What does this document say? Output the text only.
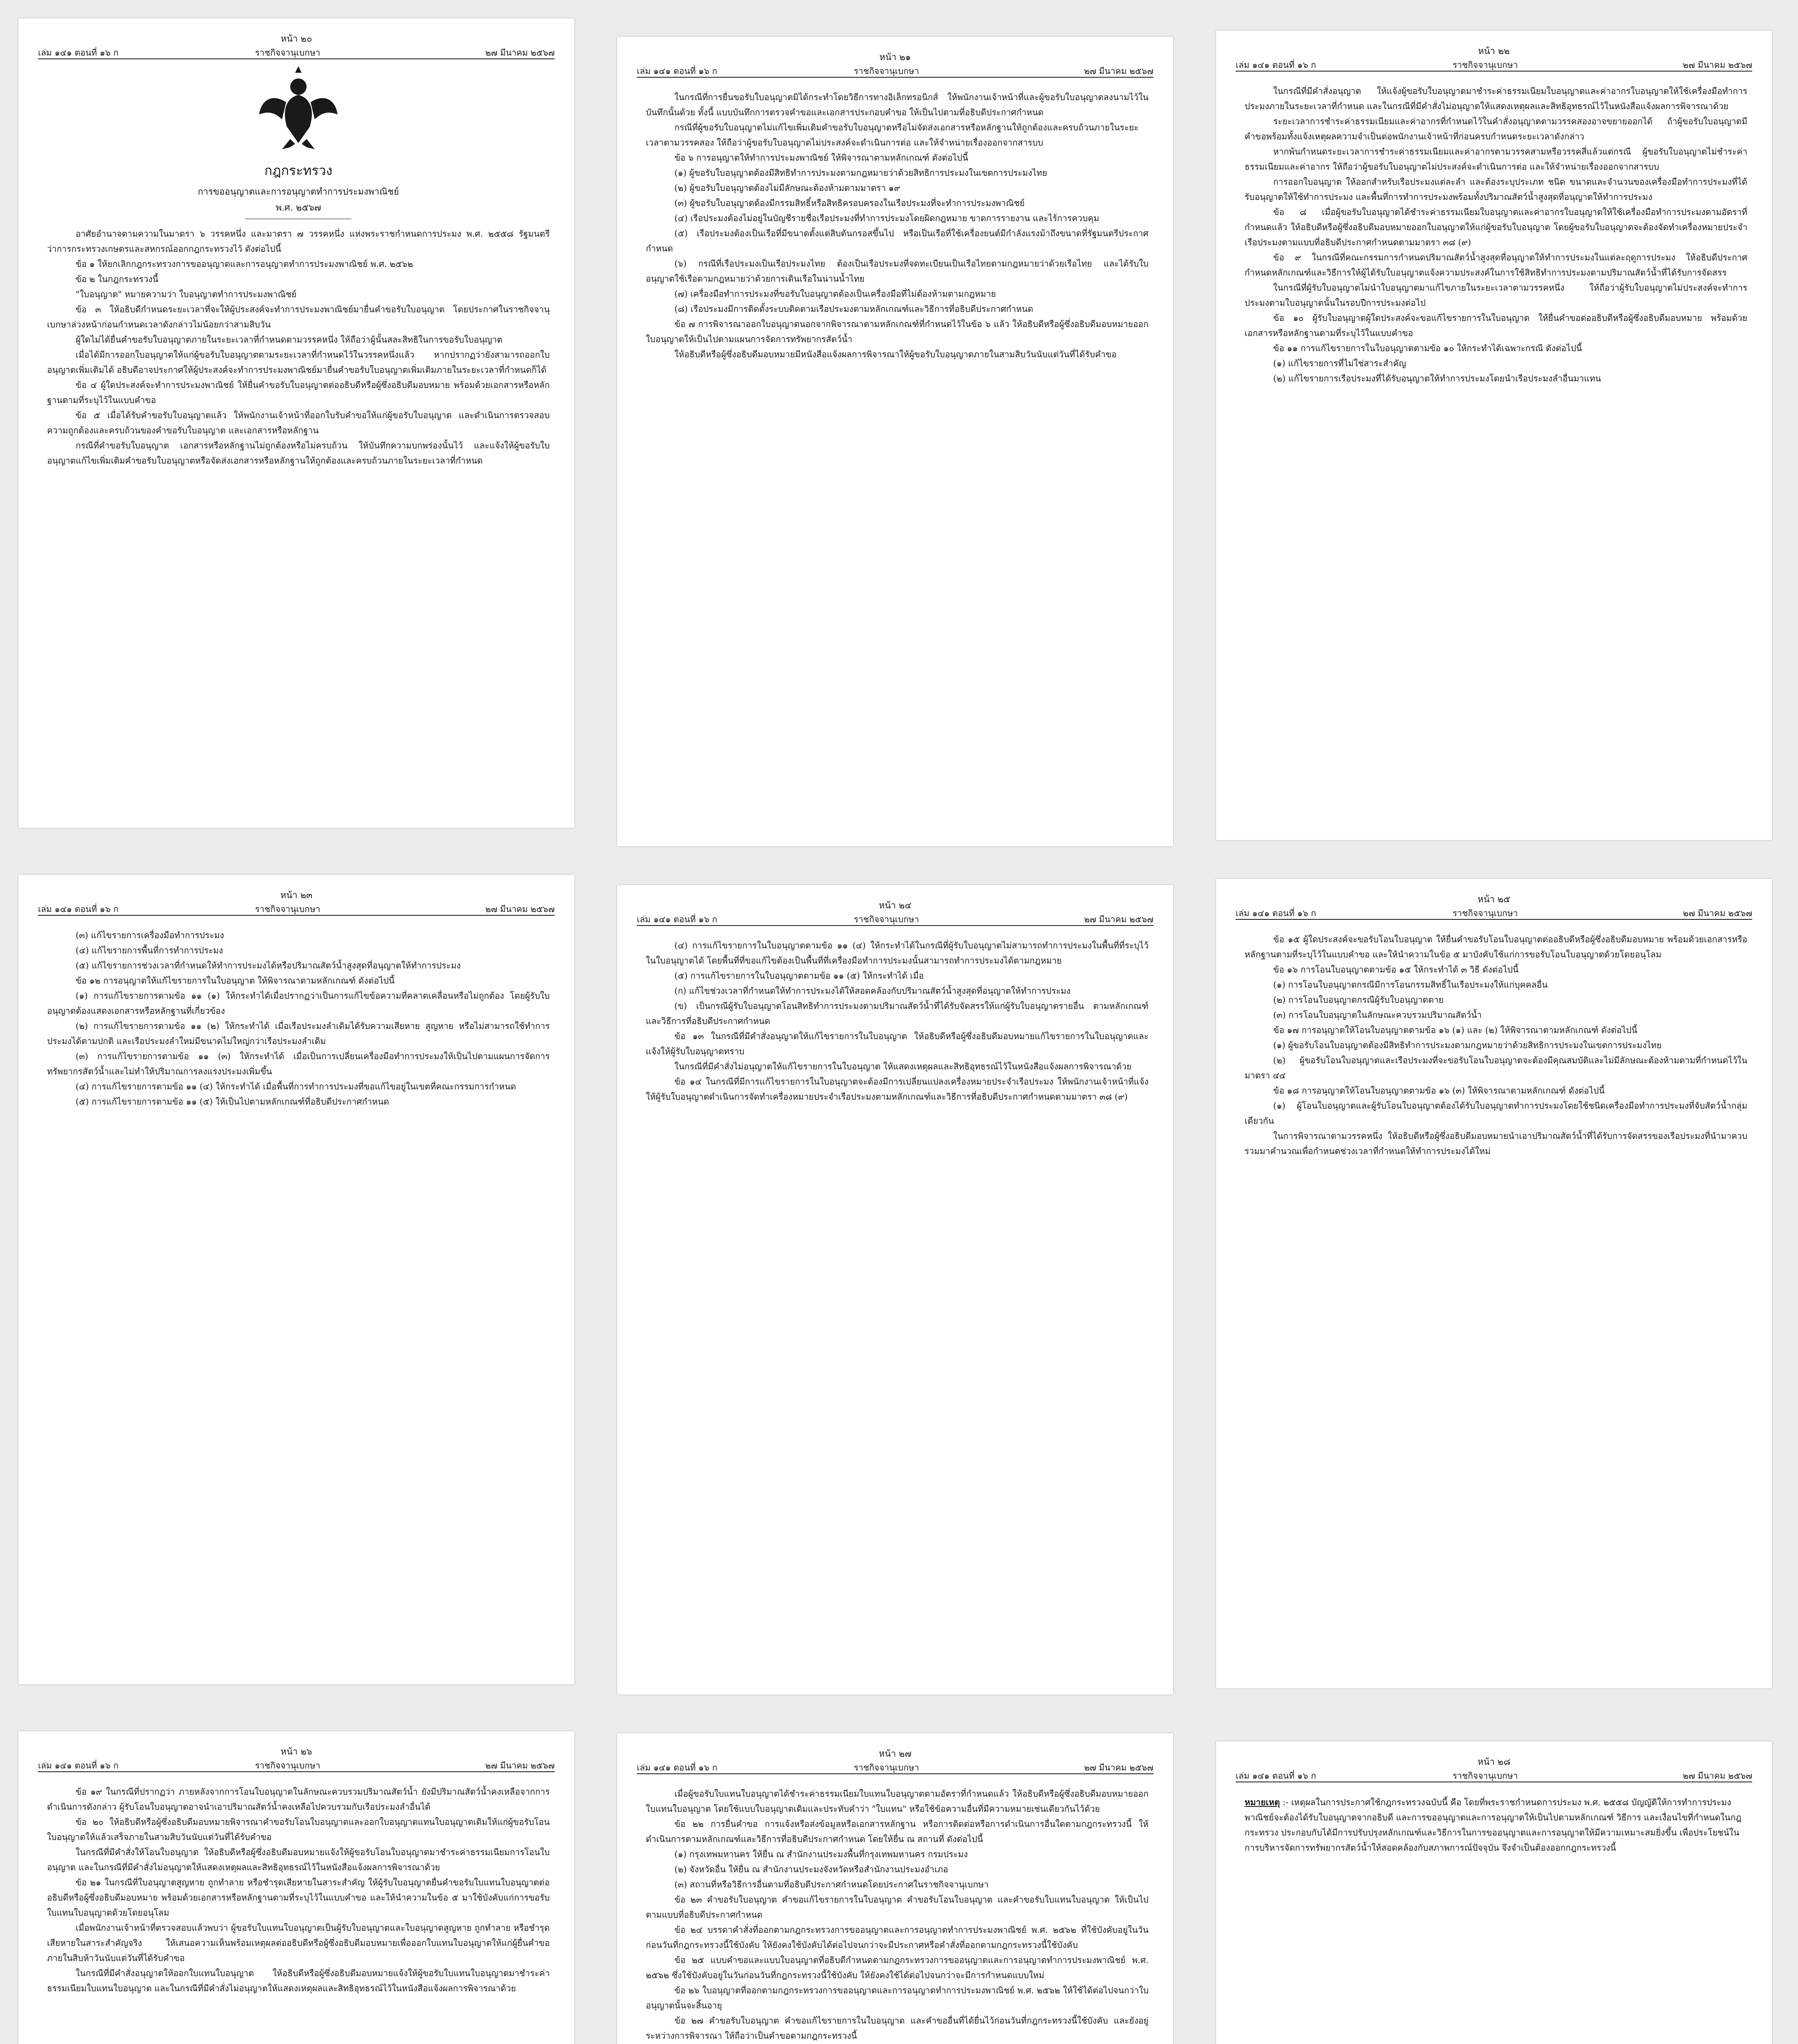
หน้า ๒๐
เล่ม ๑๔๑ ตอนที่ ๑๖ ก	ราชกิจจานุเบกษา	๒๗ มีนาคม ๒๕๖๗
กฎกระทรวง
การขออนุญาตและการอนุญาตทำการประมงพาณิชย์
พ.ศ. ๒๕๖๗

อาศัยอำนาจตามความในมาตรา ๖ วรรคหนึ่ง และมาตรา ๗ วรรคหนึ่ง แห่งพระราชกำหนดการประมง พ.ศ. ๒๕๕๘ รัฐมนตรีว่าการกระทรวงเกษตรและสหกรณ์ออกกฎกระทรวงไว้ ดังต่อไปนี้

ข้อ ๑ ให้ยกเลิกกฎกระทรวงการขออนุญาตและการอนุญาตทำการประมงพาณิชย์ พ.ศ. ๒๕๖๒

ข้อ ๒ ในกฎกระทรวงนี้

"ใบอนุญาต" หมายความว่า ใบอนุญาตทำการประมงพาณิชย์

ข้อ ๓ ให้อธิบดีกำหนดระยะเวลาที่จะให้ผู้ประสงค์จะทำการประมงพาณิชย์มายื่นคำขอรับใบอนุญาต โดยประกาศในราชกิจจานุเบกษาล่วงหน้าก่อนกำหนดเวลาดังกล่าวไม่น้อยกว่าสามสิบวัน

ผู้ใดไม่ได้ยื่นคำขอรับใบอนุญาตภายในระยะเวลาที่กำหนดตามวรรคหนึ่ง ให้ถือว่าผู้นั้นสละสิทธิในการขอรับใบอนุญาต

เมื่อได้มีการออกใบอนุญาตให้แก่ผู้ขอรับใบอนุญาตตามระยะเวลาที่กำหนดไว้ในวรรคหนึ่งแล้ว หากปรากฏว่ายังสามารถออกใบอนุญาตเพิ่มเติมได้ อธิบดีอาจประกาศให้ผู้ประสงค์จะทำการประมงพาณิชย์มายื่นคำขอรับใบอนุญาตเพิ่มเติมภายในระยะเวลาที่กำหนดก็ได้

ข้อ ๔ ผู้ใดประสงค์จะทำการประมงพาณิชย์ ให้ยื่นคำขอรับใบอนุญาตต่ออธิบดีหรือผู้ซึ่งอธิบดีมอบหมาย พร้อมด้วยเอกสารหรือหลักฐานตามที่ระบุไว้ในแบบคำขอ

ข้อ ๕ เมื่อได้รับคำขอรับใบอนุญาตแล้ว ให้พนักงานเจ้าหน้าที่ออกใบรับคำขอให้แก่ผู้ขอรับใบอนุญาต และดำเนินการตรวจสอบความถูกต้องและครบถ้วนของคำขอรับใบอนุญาต และเอกสารหรือหลักฐาน

กรณีที่คำขอรับใบอนุญาต เอกสารหรือหลักฐานไม่ถูกต้องหรือไม่ครบถ้วน ให้บันทึกความบกพร่องนั้นไว้ และแจ้งให้ผู้ขอรับใบอนุญาตแก้ไขเพิ่มเติมคำขอรับใบอนุญาตหรือจัดส่งเอกสารหรือหลักฐานให้ถูกต้องและครบถ้วนภายในระยะเวลาที่กำหนด

หน้า ๒๑
เล่ม ๑๔๑ ตอนที่ ๑๖ ก	ราชกิจจานุเบกษา	๒๗ มีนาคม ๒๕๖๗

ในกรณีที่การยื่นขอรับใบอนุญาตมิได้กระทำโดยวิธีการทางอิเล็กทรอนิกส์ ให้พนักงานเจ้าหน้าที่และผู้ขอรับใบอนุญาตลงนามไว้ในบันทึกนั้นด้วย ทั้งนี้ แบบบันทึกการตรวจคำขอและเอกสารประกอบคำขอ ให้เป็นไปตามที่อธิบดีประกาศกำหนด

กรณีที่ผู้ขอรับใบอนุญาตไม่แก้ไขเพิ่มเติมคำขอรับใบอนุญาตหรือไม่จัดส่งเอกสารหรือหลักฐานให้ถูกต้องและครบถ้วนภายในระยะเวลาตามวรรคสอง ให้ถือว่าผู้ขอรับใบอนุญาตไม่ประสงค์จะดำเนินการต่อ และให้จำหน่ายเรื่องออกจากสารบบ

ข้อ ๖ การอนุญาตให้ทำการประมงพาณิชย์ ให้พิจารณาตามหลักเกณฑ์ ดังต่อไปนี้

(๑) ผู้ขอรับใบอนุญาตต้องมีสิทธิทำการประมงตามกฎหมายว่าด้วยสิทธิการประมงในเขตการประมงไทย

(๒) ผู้ขอรับใบอนุญาตต้องไม่มีลักษณะต้องห้ามตามมาตรา ๑๙

(๓) ผู้ขอรับใบอนุญาตต้องมีกรรมสิทธิ์หรือสิทธิครอบครองในเรือประมงที่จะทำการประมงพาณิชย์

(๔) เรือประมงต้องไม่อยู่ในบัญชีรายชื่อเรือประมงที่ทำการประมงโดยผิดกฎหมาย ขาดการรายงาน และไร้การควบคุม

(๕) เรือประมงต้องเป็นเรือที่มีขนาดตั้งแต่สิบตันกรอสขึ้นไป หรือเป็นเรือที่ใช้เครื่องยนต์มีกำลังแรงม้าถึงขนาดที่รัฐมนตรีประกาศกำหนด

(๖) กรณีที่เรือประมงเป็นเรือประมงไทย ต้องเป็นเรือประมงที่จดทะเบียนเป็นเรือไทยตามกฎหมายว่าด้วยเรือไทย และได้รับใบอนุญาตใช้เรือตามกฎหมายว่าด้วยการเดินเรือในน่านน้ำไทย

(๗) เครื่องมือทำการประมงที่ขอรับใบอนุญาตต้องเป็นเครื่องมือที่ไม่ต้องห้ามตามกฎหมาย

(๘) เรือประมงมีการติดตั้งระบบติดตามเรือประมงตามหลักเกณฑ์และวิธีการที่อธิบดีประกาศกำหนด

ข้อ ๗ การพิจารณาออกใบอนุญาตนอกจากพิจารณาตามหลักเกณฑ์ที่กำหนดไว้ในข้อ ๖ แล้ว ให้อธิบดีหรือผู้ซึ่งอธิบดีมอบหมายออกใบอนุญาตให้เป็นไปตามแผนการจัดการทรัพยากรสัตว์น้ำ

ให้อธิบดีหรือผู้ซึ่งอธิบดีมอบหมายมีหนังสือแจ้งผลการพิจารณาให้ผู้ขอรับใบอนุญาตภายในสามสิบวันนับแต่วันที่ได้รับคำขอ

หน้า ๒๒
เล่ม ๑๔๑ ตอนที่ ๑๖ ก	ราชกิจจานุเบกษา	๒๗ มีนาคม ๒๕๖๗

ในกรณีที่มีคำสั่งอนุญาต ให้แจ้งผู้ขอรับใบอนุญาตมาชำระค่าธรรมเนียมใบอนุญาตและค่าอากรใบอนุญาตให้ใช้เครื่องมือทำการประมงภายในระยะเวลาที่กำหนด และในกรณีที่มีคำสั่งไม่อนุญาตให้แสดงเหตุผลและสิทธิอุทธรณ์ไว้ในหนังสือแจ้งผลการพิจารณาด้วย

ระยะเวลาการชำระค่าธรรมเนียมและค่าอากรที่กำหนดไว้ในคำสั่งอนุญาตตามวรรคสองอาจขยายออกได้ ถ้าผู้ขอรับใบอนุญาตมีคำขอพร้อมทั้งแจ้งเหตุผลความจำเป็นต่อพนักงานเจ้าหน้าที่ก่อนครบกำหนดระยะเวลาดังกล่าว

หากพ้นกำหนดระยะเวลาการชำระค่าธรรมเนียมและค่าอากรตามวรรคสามหรือวรรคสี่แล้วแต่กรณี ผู้ขอรับใบอนุญาตไม่ชำระค่าธรรมเนียมและค่าอากร ให้ถือว่าผู้ขอรับใบอนุญาตไม่ประสงค์จะดำเนินการต่อ และให้จำหน่ายเรื่องออกจากสารบบ

การออกใบอนุญาต ให้ออกสำหรับเรือประมงแต่ละลำ และต้องระบุประเภท ชนิด ขนาดและจำนวนของเครื่องมือทำการประมงที่ได้รับอนุญาตให้ใช้ทำการประมง และพื้นที่การทำการประมงพร้อมทั้งปริมาณสัตว์น้ำสูงสุดที่อนุญาตให้ทำการประมง

ข้อ ๘ เมื่อผู้ขอรับใบอนุญาตได้ชำระค่าธรรมเนียมใบอนุญาตและค่าอากรใบอนุญาตให้ใช้เครื่องมือทำการประมงตามอัตราที่กำหนดแล้ว ให้อธิบดีหรือผู้ซึ่งอธิบดีมอบหมายออกใบอนุญาตให้แก่ผู้ขอรับใบอนุญาต โดยผู้ขอรับใบอนุญาตจะต้องจัดทำเครื่องหมายประจำเรือประมงตามแบบที่อธิบดีประกาศกำหนดตามมาตรา ๓๘ (๙)

ข้อ ๙ ในกรณีที่คณะกรรมการกำหนดปริมาณสัตว์น้ำสูงสุดที่อนุญาตให้ทำการประมงในแต่ละฤดูการประมง ให้อธิบดีประกาศกำหนดหลักเกณฑ์และวิธีการให้ผู้ได้รับใบอนุญาตแจ้งความประสงค์ในการใช้สิทธิทำการประมงตามปริมาณสัตว์น้ำที่ได้รับการจัดสรร

ในกรณีที่ผู้รับใบอนุญาตไม่นำใบอนุญาตมาแก้ไขภายในระยะเวลาตามวรรคหนึ่ง ให้ถือว่าผู้รับใบอนุญาตไม่ประสงค์จะทำการประมงตามใบอนุญาตนั้นในรอบปีการประมงต่อไป

ข้อ ๑๐ ผู้รับใบอนุญาตผู้ใดประสงค์จะขอแก้ไขรายการในใบอนุญาต ให้ยื่นคำขอต่ออธิบดีหรือผู้ซึ่งอธิบดีมอบหมาย พร้อมด้วยเอกสารหรือหลักฐานตามที่ระบุไว้ในแบบคำขอ

ข้อ ๑๑ การแก้ไขรายการในใบอนุญาตตามข้อ ๑๐ ให้กระทำได้เฉพาะกรณี ดังต่อไปนี้

(๑) แก้ไขรายการที่ไม่ใช่สาระสำคัญ

(๒) แก้ไขรายการเรือประมงที่ได้รับอนุญาตให้ทำการประมงโดยนำเรือประมงลำอื่นมาแทน

หน้า ๒๓
เล่ม ๑๔๑ ตอนที่ ๑๖ ก	ราชกิจจานุเบกษา	๒๗ มีนาคม ๒๕๖๗

(๓) แก้ไขรายการเครื่องมือทำการประมง

(๔) แก้ไขรายการพื้นที่การทำการประมง

(๕) แก้ไขรายการช่วงเวลาที่กำหนดให้ทำการประมงได้หรือปริมาณสัตว์น้ำสูงสุดที่อนุญาตให้ทำการประมง

ข้อ ๑๒ การอนุญาตให้แก้ไขรายการในใบอนุญาต ให้พิจารณาตามหลักเกณฑ์ ดังต่อไปนี้

(๑) การแก้ไขรายการตามข้อ ๑๑ (๑) ให้กระทำได้เมื่อปรากฏว่าเป็นการแก้ไขข้อความที่คลาดเคลื่อนหรือไม่ถูกต้อง โดยผู้รับใบอนุญาตต้องแสดงเอกสารหรือหลักฐานที่เกี่ยวข้อง

(๒) การแก้ไขรายการตามข้อ ๑๑ (๒) ให้กระทำได้ เมื่อเรือประมงลำเดิมได้รับความเสียหาย สูญหาย หรือไม่สามารถใช้ทำการประมงได้ตามปกติ และเรือประมงลำใหม่มีขนาดไม่ใหญ่กว่าเรือประมงลำเดิม

(๓) การแก้ไขรายการตามข้อ ๑๑ (๓) ให้กระทำได้ เมื่อเป็นการเปลี่ยนเครื่องมือทำการประมงให้เป็นไปตามแผนการจัดการทรัพยากรสัตว์น้ำและไม่ทำให้ปริมาณการลงแรงประมงเพิ่มขึ้น

(๔) การแก้ไขรายการตามข้อ ๑๑ (๔) ให้กระทำได้ เมื่อพื้นที่การทำการประมงที่ขอแก้ไขอยู่ในเขตที่คณะกรรมการกำหนด

(๕) การแก้ไขรายการตามข้อ ๑๑ (๕) ให้เป็นไปตามหลักเกณฑ์ที่อธิบดีประกาศกำหนด

หน้า ๒๔
เล่ม ๑๔๑ ตอนที่ ๑๖ ก	ราชกิจจานุเบกษา	๒๗ มีนาคม ๒๕๖๗

(๔) การแก้ไขรายการในใบอนุญาตตามข้อ ๑๑ (๔) ให้กระทำได้ในกรณีที่ผู้รับใบอนุญาตไม่สามารถทำการประมงในพื้นที่ที่ระบุไว้ในใบอนุญาตได้ โดยพื้นที่ที่ขอแก้ไขต้องเป็นพื้นที่ที่เครื่องมือทำการประมงนั้นสามารถทำการประมงได้ตามกฎหมาย

(๕) การแก้ไขรายการในใบอนุญาตตามข้อ ๑๑ (๕) ให้กระทำได้ เมื่อ

(ก) แก้ไขช่วงเวลาที่กำหนดให้ทำการประมงได้ให้สอดคล้องกับปริมาณสัตว์น้ำสูงสุดที่อนุญาตให้ทำการประมง

(ข) เป็นกรณีผู้รับใบอนุญาตโอนสิทธิทำการประมงตามปริมาณสัตว์น้ำที่ได้รับจัดสรรให้แก่ผู้รับใบอนุญาตรายอื่น ตามหลักเกณฑ์และวิธีการที่อธิบดีประกาศกำหนด

ข้อ ๑๓ ในกรณีที่มีคำสั่งอนุญาตให้แก้ไขรายการในใบอนุญาต ให้อธิบดีหรือผู้ซึ่งอธิบดีมอบหมายแก้ไขรายการในใบอนุญาตและแจ้งให้ผู้รับใบอนุญาตทราบ

ในกรณีที่มีคำสั่งไม่อนุญาตให้แก้ไขรายการในใบอนุญาต ให้แสดงเหตุผลและสิทธิอุทธรณ์ไว้ในหนังสือแจ้งผลการพิจารณาด้วย

ข้อ ๑๔ ในกรณีที่มีการแก้ไขรายการในใบอนุญาตจะต้องมีการเปลี่ยนแปลงเครื่องหมายประจำเรือประมง ให้พนักงานเจ้าหน้าที่แจ้งให้ผู้รับใบอนุญาตดำเนินการจัดทำเครื่องหมายประจำเรือประมงตามหลักเกณฑ์และวิธีการที่อธิบดีประกาศกำหนดตามมาตรา ๓๘ (๙)

หน้า ๒๕
เล่ม ๑๔๑ ตอนที่ ๑๖ ก	ราชกิจจานุเบกษา	๒๗ มีนาคม ๒๕๖๗

ข้อ ๑๕ ผู้ใดประสงค์จะขอรับโอนใบอนุญาต ให้ยื่นคำขอรับโอนใบอนุญาตต่ออธิบดีหรือผู้ซึ่งอธิบดีมอบหมาย พร้อมด้วยเอกสารหรือหลักฐานตามที่ระบุไว้ในแบบคำขอ และให้นำความในข้อ ๕ มาบังคับใช้แก่การขอรับโอนใบอนุญาตด้วยโดยอนุโลม

ข้อ ๑๖ การโอนใบอนุญาตตามข้อ ๑๕ ให้กระทำได้ ๓ วิธี ดังต่อไปนี้

(๑) การโอนใบอนุญาตกรณีมีการโอนกรรมสิทธิ์ในเรือประมงให้แก่บุคคลอื่น

(๒) การโอนใบอนุญาตกรณีผู้รับใบอนุญาตตาย

(๓) การโอนใบอนุญาตในลักษณะควบรวมปริมาณสัตว์น้ำ

ข้อ ๑๗ การอนุญาตให้โอนใบอนุญาตตามข้อ ๑๖ (๑) และ (๒) ให้พิจารณาตามหลักเกณฑ์ ดังต่อไปนี้

(๑) ผู้ขอรับโอนใบอนุญาตต้องมีสิทธิทำการประมงตามกฎหมายว่าด้วยสิทธิการประมงในเขตการประมงไทย

(๒) ผู้ขอรับโอนใบอนุญาตและเรือประมงที่จะขอรับโอนใบอนุญาตจะต้องมีคุณสมบัติและไม่มีลักษณะต้องห้ามตามที่กำหนดไว้ในมาตรา ๔๔

ข้อ ๑๘ การอนุญาตให้โอนใบอนุญาตตามข้อ ๑๖ (๓) ให้พิจารณาตามหลักเกณฑ์ ดังต่อไปนี้

(๑) ผู้โอนใบอนุญาตและผู้รับโอนใบอนุญาตต้องได้รับใบอนุญาตทำการประมงโดยใช้ชนิดเครื่องมือทำการประมงที่จับสัตว์น้ำกลุ่มเดียวกัน

ในการพิจารณาตามวรรคหนึ่ง ให้อธิบดีหรือผู้ซึ่งอธิบดีมอบหมายนำเอาปริมาณสัตว์น้ำที่ได้รับการจัดสรรของเรือประมงที่นำมาควบรวมมาคำนวณเพื่อกำหนดช่วงเวลาที่กำหนดให้ทำการประมงได้ใหม่

หน้า ๒๖
เล่ม ๑๔๑ ตอนที่ ๑๖ ก	ราชกิจจานุเบกษา	๒๗ มีนาคม ๒๕๖๗

ข้อ ๑๙ ในกรณีที่ปรากฏว่า ภายหลังจากการโอนใบอนุญาตในลักษณะควบรวมปริมาณสัตว์น้ำ ยังมีปริมาณสัตว์น้ำคงเหลือจากการดำเนินการดังกล่าว ผู้รับโอนใบอนุญาตอาจนำเอาปริมาณสัตว์น้ำคงเหลือไปควบรวมกับเรือประมงลำอื่นได้

ข้อ ๒๐ ให้อธิบดีหรือผู้ซึ่งอธิบดีมอบหมายพิจารณาคำขอรับโอนใบอนุญาตและออกใบอนุญาตแทนใบอนุญาตเดิมให้แก่ผู้ขอรับโอนใบอนุญาตให้แล้วเสร็จภายในสามสิบวันนับแต่วันที่ได้รับคำขอ

ในกรณีที่มีคำสั่งให้โอนใบอนุญาต ให้อธิบดีหรือผู้ซึ่งอธิบดีมอบหมายแจ้งให้ผู้ขอรับโอนใบอนุญาตมาชำระค่าธรรมเนียมการโอนใบอนุญาต และในกรณีที่มีคำสั่งไม่อนุญาตให้แสดงเหตุผลและสิทธิอุทธรณ์ไว้ในหนังสือแจ้งผลการพิจารณาด้วย

ข้อ ๒๑ ในกรณีที่ใบอนุญาตสูญหาย ถูกทำลาย หรือชำรุดเสียหายในสาระสำคัญ ให้ผู้รับใบอนุญาตยื่นคำขอรับใบแทนใบอนุญาตต่ออธิบดีหรือผู้ซึ่งอธิบดีมอบหมาย พร้อมด้วยเอกสารหรือหลักฐานตามที่ระบุไว้ในแบบคำขอ และให้นำความในข้อ ๕ มาใช้บังคับแก่การขอรับใบแทนใบอนุญาตด้วยโดยอนุโลม

เมื่อพนักงานเจ้าหน้าที่ตรวจสอบแล้วพบว่า ผู้ขอรับใบแทนใบอนุญาตเป็นผู้รับใบอนุญาตและใบอนุญาตสูญหาย ถูกทำลาย หรือชำรุดเสียหายในสาระสำคัญจริง ให้เสนอความเห็นพร้อมเหตุผลต่ออธิบดีหรือผู้ซึ่งอธิบดีมอบหมายเพื่อออกใบแทนใบอนุญาตให้แก่ผู้ยื่นคำขอภายในสิบห้าวันนับแต่วันที่ได้รับคำขอ

ในกรณีที่มีคำสั่งอนุญาตให้ออกใบแทนใบอนุญาต ให้อธิบดีหรือผู้ซึ่งอธิบดีมอบหมายแจ้งให้ผู้ขอรับใบแทนใบอนุญาตมาชำระค่าธรรมเนียมใบแทนใบอนุญาต และในกรณีที่มีคำสั่งไม่อนุญาตให้แสดงเหตุผลและสิทธิอุทธรณ์ไว้ในหนังสือแจ้งผลการพิจารณาด้วย

หน้า ๒๗
เล่ม ๑๔๑ ตอนที่ ๑๖ ก	ราชกิจจานุเบกษา	๒๗ มีนาคม ๒๕๖๗

เมื่อผู้ขอรับใบแทนใบอนุญาตได้ชำระค่าธรรมเนียมใบแทนใบอนุญาตตามอัตราที่กำหนดแล้ว ให้อธิบดีหรือผู้ซึ่งอธิบดีมอบหมายออกใบแทนใบอนุญาต โดยใช้แบบใบอนุญาตเดิมและประทับคำว่า "ใบแทน" หรือใช้ข้อความอื่นที่มีความหมายเช่นเดียวกันไว้ด้วย

ข้อ ๒๒ การยื่นคำขอ การแจ้งหรือส่งข้อมูลหรือเอกสารหลักฐาน หรือการติดต่อหรือการดำเนินการอื่นใดตามกฎกระทรวงนี้ ให้ดำเนินการตามหลักเกณฑ์และวิธีการที่อธิบดีประกาศกำหนด โดยให้ยื่น ณ สถานที่ ดังต่อไปนี้

(๑) กรุงเทพมหานคร ให้ยื่น ณ สำนักงานประมงพื้นที่กรุงเทพมหานคร กรมประมง

(๒) จังหวัดอื่น ให้ยื่น ณ สำนักงานประมงจังหวัดหรือสำนักงานประมงอำเภอ

(๓) สถานที่หรือวิธีการอื่นตามที่อธิบดีประกาศกำหนดโดยประกาศในราชกิจจานุเบกษา

ข้อ ๒๓ คำขอรับใบอนุญาต คำขอแก้ไขรายการในใบอนุญาต คำขอรับโอนใบอนุญาต และคำขอรับใบแทนใบอนุญาต ให้เป็นไปตามแบบที่อธิบดีประกาศกำหนด

ข้อ ๒๔ บรรดาคำสั่งที่ออกตามกฎกระทรวงการขออนุญาตและการอนุญาตทำการประมงพาณิชย์ พ.ศ. ๒๕๖๒ ที่ใช้บังคับอยู่ในวันก่อนวันที่กฎกระทรวงนี้ใช้บังคับ ให้ยังคงใช้บังคับได้ต่อไปจนกว่าจะมีประกาศหรือคำสั่งที่ออกตามกฎกระทรวงนี้ใช้บังคับ

ข้อ ๒๕ แบบคำขอและแบบใบอนุญาตที่อธิบดีกำหนดตามกฎกระทรวงการขออนุญาตและการอนุญาตทำการประมงพาณิชย์ พ.ศ. ๒๕๖๒ ซึ่งใช้บังคับอยู่ในวันก่อนวันที่กฎกระทรวงนี้ใช้บังคับ ให้ยังคงใช้ได้ต่อไปจนกว่าจะมีการกำหนดแบบใหม่

ข้อ ๒๖ ใบอนุญาตที่ออกตามกฎกระทรวงการขออนุญาตและการอนุญาตทำการประมงพาณิชย์ พ.ศ. ๒๕๖๒ ให้ใช้ได้ต่อไปจนกว่าใบอนุญาตนั้นจะสิ้นอายุ

ข้อ ๒๗ คำขอรับใบอนุญาต คำขอแก้ไขรายการในใบอนุญาต และคำขออื่นที่ได้ยื่นไว้ก่อนวันที่กฎกระทรวงนี้ใช้บังคับ และยังอยู่ระหว่างการพิจารณา ให้ถือว่าเป็นคำขอตามกฎกระทรวงนี้

หน้า ๒๘
เล่ม ๑๔๑ ตอนที่ ๑๖ ก	ราชกิจจานุเบกษา	๒๗ มีนาคม ๒๕๖๗

หมายเหตุ :- เหตุผลในการประกาศใช้กฎกระทรวงฉบับนี้ คือ โดยที่พระราชกำหนดการประมง พ.ศ. ๒๕๕๘ บัญญัติให้การทำการประมงพาณิชย์จะต้องได้รับใบอนุญาตจากอธิบดี และการขออนุญาตและการอนุญาตให้เป็นไปตามหลักเกณฑ์ วิธีการ และเงื่อนไขที่กำหนดในกฎกระทรวง ประกอบกับได้มีการปรับปรุงหลักเกณฑ์และวิธีการในการขออนุญาตและการอนุญาตให้มีความเหมาะสมยิ่งขึ้น เพื่อประโยชน์ในการบริหารจัดการทรัพยากรสัตว์น้ำให้สอดคล้องกับสภาพการณ์ปัจจุบัน จึงจำเป็นต้องออกกฎกระทรวงนี้
